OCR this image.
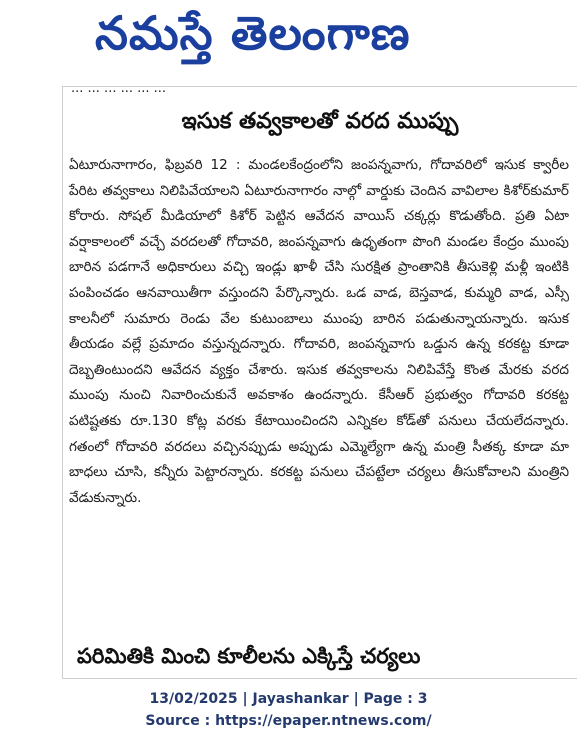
నమస్తే తెలంగాణ
... ... ... ... ... ...
ఇసుక తవ్వకాలతో వరద ముప్పు

ఏటూరునాగారం, ఫిబ్రవరి 12 : మండలకేంద్రంలోని జంపన్నవాగు, గోదావరిలో ఇసుక క్వారీల పేరిట తవ్వకాలు నిలిపివేయాలని ఏటూరునాగారం నాల్గో వార్డుకు చెందిన వావిలాల కిశోర్‌కుమార్ కోరారు. సోషల్ మీడియాలో కిశోర్ పెట్టిన ఆవేదన వాయిస్ చక్కర్లు కొడుతోంది. ప్రతి ఏటా వర్షాకాలంలో వచ్చే వరదలతో గోదావరి, జంపన్నవాగు ఉధృతంగా పొంగి మండల కేంద్రం ముంపు బారిన పడగానే అధికారులు వచ్చి ఇండ్లు ఖాళీ చేసి సురక్షిత ప్రాంతానికి తీసుకెళ్లి మళ్లీ ఇంటికి పంపించడం ఆనవాయితీగా వస్తుందని పేర్కొన్నారు. ఒడ వాడ, బెస్తవాడ, కుమ్మరి వాడ, ఎస్సీ కాలనీలో సుమారు రెండు వేల కుటుంబాలు ముంపు బారిన పడుతున్నాయన్నారు. ఇసుక తీయడం వల్లే ప్రమాదం వస్తున్నదన్నారు. గోదావరి, జంపన్నవాగు ఒడ్డున ఉన్న కరకట్ట కూడా దెబ్బతింటుందని ఆవేదన వ్యక్తం చేశారు. ఇసుక తవ్వకాలను నిలిపివేస్తే కొంత మేరకు వరద ముంపు నుంచి నివారించుకునే అవకాశం ఉందన్నారు. కేసీఆర్ ప్రభుత్వం గోదావరి కరకట్ట పటిష్టతకు రూ.130 కోట్ల వరకు కేటాయించిందని ఎన్నికల కోడ్‌తో పనులు చేయలేదన్నారు. గతంలో గోదావరి వరదలు వచ్చినప్పుడు అప్పుడు ఎమ్మెల్యేగా ఉన్న మంత్రి సీతక్క కూడా మా బాధలు చూసి, కన్నీరు పెట్టారన్నారు. కరకట్ట పనులు చేపట్టేలా చర్యలు తీసుకోవాలని మంత్రిని వేడుకున్నారు.

పరిమితికి మించి కూలీలను ఎక్కిస్తే చర్యలు
13/02/2025 | Jayashankar | Page : 3
Source : https://epaper.ntnews.com/
